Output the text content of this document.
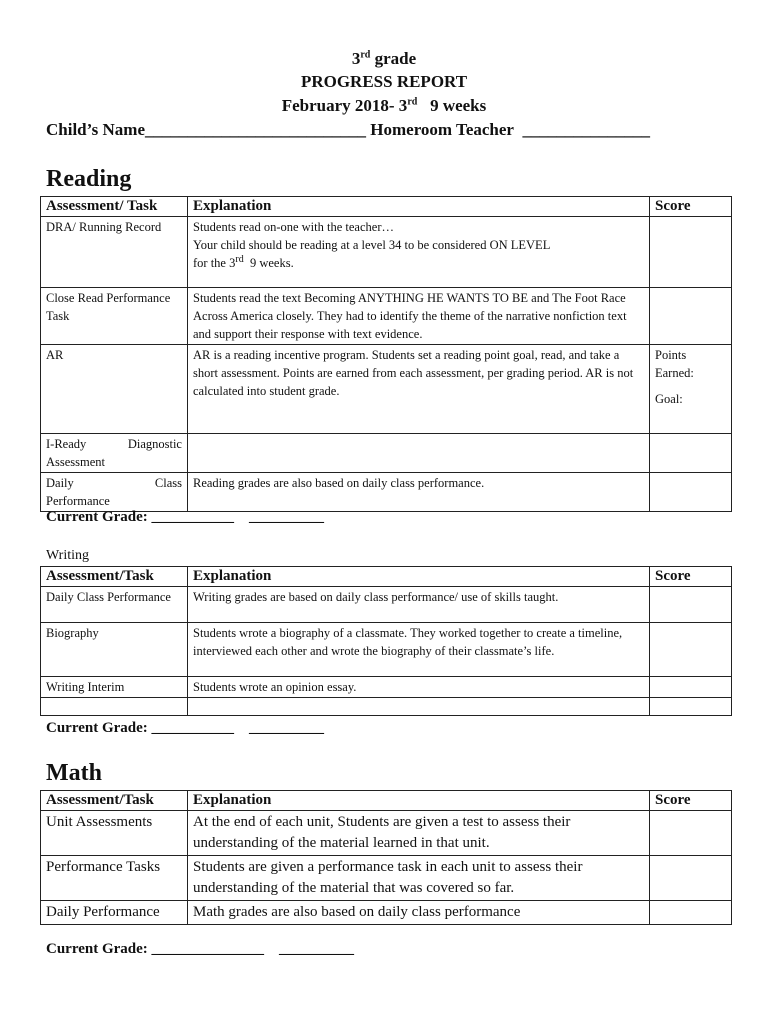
3rd grade
PROGRESS REPORT
February 2018- 3rd 9 weeks
Child’s Name__________________________ Homeroom Teacher _______________
Reading
Assessment/ Task	Explanation	Score
DRA/ Running Record	Students read on-one with the teacher…
Your child should be reading at a level 34 to be considered ON LEVEL
for the 3rd 9 weeks.	

Close Read Performance Task	Students read the text Becoming ANYTHING HE WANTS TO BE and The Foot Race Across America closely. They had to identify the theme of the narrative nonfiction text and support their response with text evidence.	
AR	AR is a reading incentive program. Students set a reading point goal, read, and take a short assessment. Points are earned from each assessment, per grading period. AR is not calculated into student grade.	Points Earned:
Goal:

I-Ready Diagnostic
Assessment		

Daily Class
Performance	Reading grades are also based on daily class performance.	
Current Grade: ___________ __________
Writing
Assessment/Task	Explanation	Score
Daily Class Performance	Writing grades are based on daily class performance/ use of skills taught.	
Biography	Students wrote a biography of a classmate. They worked together to create a timeline, interviewed each other and wrote the biography of their classmate’s life.	
Writing Interim	Students wrote an opinion essay.	

Current Grade: ___________ __________
Math
Assessment/Task	Explanation	Score
Unit Assessments	At the end of each unit, Students are given a test to assess their understanding of the material learned in that unit.	
Performance Tasks	Students are given a performance task in each unit to assess their understanding of the material that was covered so far.	
Daily Performance	Math grades are also based on daily class performance	
Current Grade: _______________ __________
